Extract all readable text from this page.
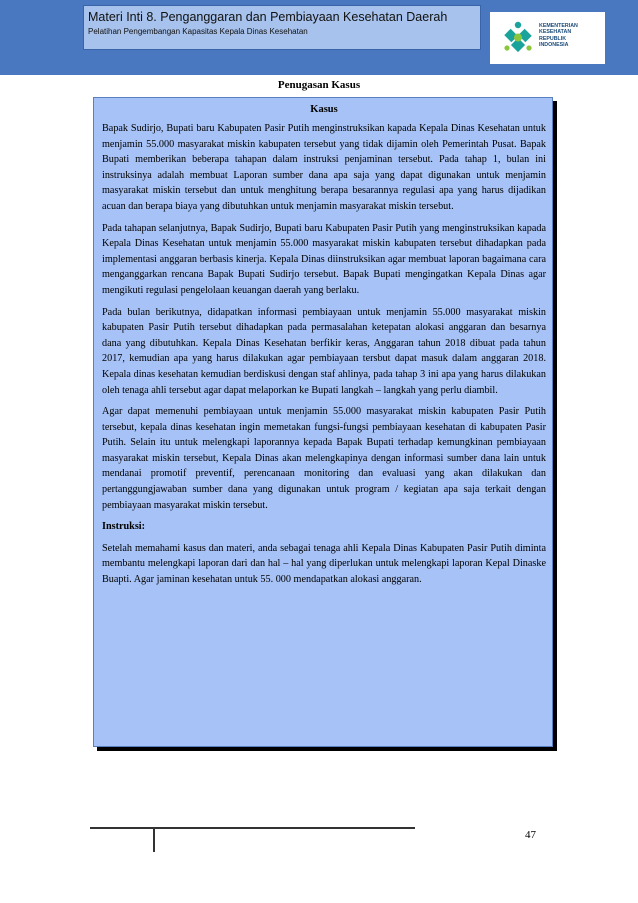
Materi Inti 8. Penganggaran dan Pembiayaan Kesehatan Daerah
Pelatihan Pengembangan Kapasitas Kepala Dinas Kesehatan
KEMENTERIAN
KESEHATAN
REPUBLIK
INDONESIA
Penugasan Kasus
Kasus

Bapak Sudirjo, Bupati baru Kabupaten Pasir Putih menginstruksikan kapada Kepala Dinas Kesehatan untuk menjamin 55.000 masyarakat miskin kabupaten tersebut yang tidak dijamin oleh Pemerintah Pusat. Bapak Bupati memberikan beberapa tahapan dalam instruksi penjaminan tersebut. Pada tahap 1, bulan ini instruksinya adalah membuat Laporan sumber dana apa saja yang dapat digunakan untuk menjamin masyarakat miskin tersebut dan untuk menghitung berapa besarannya regulasi apa yang harus dijadikan acuan dan berapa biaya yang dibutuhkan untuk menjamin masyarakat miskin tersebut.

Pada tahapan selanjutnya, Bapak Sudirjo, Bupati baru Kabupaten Pasir Putih yang menginstruksikan kapada Kepala Dinas Kesehatan untuk menjamin 55.000 masyarakat miskin kabupaten tersebut dihadapkan pada implementasi anggaran berbasis kinerja. Kepala Dinas diinstruksikan agar membuat laporan bagaimana cara menganggarkan rencana Bapak Bupati Sudirjo tersebut. Bapak Bupati mengingatkan Kepala Dinas agar mengikuti regulasi pengelolaan keuangan daerah yang berlaku.

Pada bulan berikutnya, didapatkan informasi pembiayaan untuk menjamin 55.000 masyarakat miskin kabupaten Pasir Putih tersebut dihadapkan pada permasalahan ketepatan alokasi anggaran dan besarnya dana yang dibutuhkan. Kepala Dinas Kesehatan berfikir keras, Anggaran tahun 2018 dibuat pada tahun 2017, kemudian apa yang harus dilakukan agar pembiayaan tersbut dapat masuk dalam anggaran 2018. Kepala dinas kesehatan kemudian berdiskusi dengan staf ahlinya, pada tahap 3 ini apa yang harus dilakukan oleh tenaga ahli tersebut agar dapat melaporkan ke Bupati langkah – langkah yang perlu diambil.

Agar dapat memenuhi pembiayaan untuk menjamin 55.000 masyarakat miskin kabupaten Pasir Putih tersebut, kepala dinas kesehatan ingin memetakan fungsi-fungsi pembiayaan kesehatan di kabupaten Pasir Putih. Selain itu untuk melengkapi laporannya kepada Bapak Bupati terhadap kemungkinan pembiayaan masyarakat miskin tersebut, Kepala Dinas akan melengkapinya dengan informasi sumber dana lain untuk mendanai promotif preventif, perencanaan monitoring dan evaluasi yang akan dilakukan dan pertanggungjawaban sumber dana yang digunakan untuk program / kegiatan apa saja terkait dengan pembiayaan masyarakat miskin tersebut.

Instruksi:

Setelah memahami kasus dan materi, anda sebagai tenaga ahli Kepala Dinas Kabupaten Pasir Putih diminta membantu melengkapi laporan dari dan hal – hal yang diperlukan untuk melengkapi laporan Kepal Dinaske Buapti. Agar jaminan kesehatan untuk 55. 000 mendapatkan alokasi anggaran.

47
